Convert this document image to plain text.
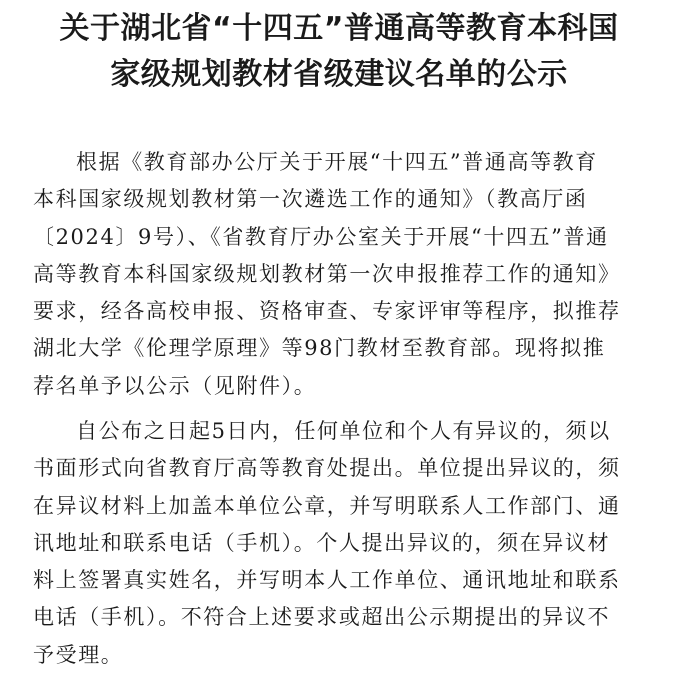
关于湖北省“十四五”普通高等教育本科国
家级规划教材省级建议名单的公示
根据《教育部办公厅关于开展“十四五”普通高等教育
本科国家级规划教材第一次遴选工作的通知》（教高厅函
〔2024〕9号）、《省教育厅办公室关于开展“十四五”普通
高等教育本科国家级规划教材第一次申报推荐工作的通知》
要求，经各高校申报、资格审查、专家评审等程序，拟推荐
湖北大学《伦理学原理》等98门教材至教育部。现将拟推
荐名单予以公示（见附件）。
自公布之日起5日内，任何单位和个人有异议的，须以
书面形式向省教育厅高等教育处提出。单位提出异议的，须
在异议材料上加盖本单位公章，并写明联系人工作部门、通
讯地址和联系电话（手机）。个人提出异议的，须在异议材
料上签署真实姓名，并写明本人工作单位、通讯地址和联系
电话（手机）。不符合上述要求或超出公示期提出的异议不
予受理。
